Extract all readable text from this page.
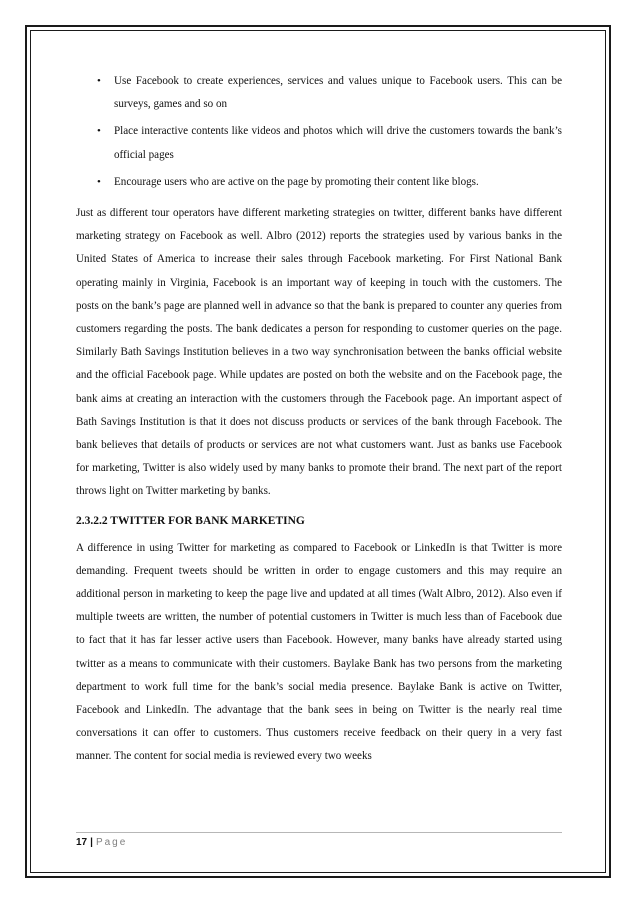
• Use Facebook to create experiences, services and values unique to Facebook users. This can be surveys, games and so on
• Place interactive contents like videos and photos which will drive the customers towards the bank’s official pages
• Encourage users who are active on the page by promoting their content like blogs.

Just as different tour operators have different marketing strategies on twitter, different banks have different marketing strategy on Facebook as well. Albro (2012) reports the strategies used by various banks in the United States of America to increase their sales through Facebook marketing. For First National Bank operating mainly in Virginia, Facebook is an important way of keeping in touch with the customers. The posts on the bank’s page are planned well in advance so that the bank is prepared to counter any queries from customers regarding the posts. The bank dedicates a person for responding to customer queries on the page. Similarly Bath Savings Institution believes in a two way synchronisation between the banks official website and the official Facebook page. While updates are posted on both the website and on the Facebook page, the bank aims at creating an interaction with the customers through the Facebook page. An important aspect of Bath Savings Institution is that it does not discuss products or services of the bank through Facebook. The bank believes that details of products or services are not what customers want. Just as banks use Facebook for marketing, Twitter is also widely used by many banks to promote their brand. The next part of the report throws light on Twitter marketing by banks.

2.3.2.2 TWITTER FOR BANK MARKETING

A difference in using Twitter for marketing as compared to Facebook or LinkedIn is that Twitter is more demanding. Frequent tweets should be written in order to engage customers and this may require an additional person in marketing to keep the page live and updated at all times (Walt Albro, 2012). Also even if multiple tweets are written, the number of potential customers in Twitter is much less than of Facebook due to fact that it has far lesser active users than Facebook. However, many banks have already started using twitter as a means to communicate with their customers. Baylake Bank has two persons from the marketing department to work full time for the bank’s social media presence. Baylake Bank is active on Twitter, Facebook and LinkedIn. The advantage that the bank sees in being on Twitter is the nearly real time conversations it can offer to customers. Thus customers receive feedback on their query in a very fast manner. The content for social media is reviewed every two weeks

17 | Page
